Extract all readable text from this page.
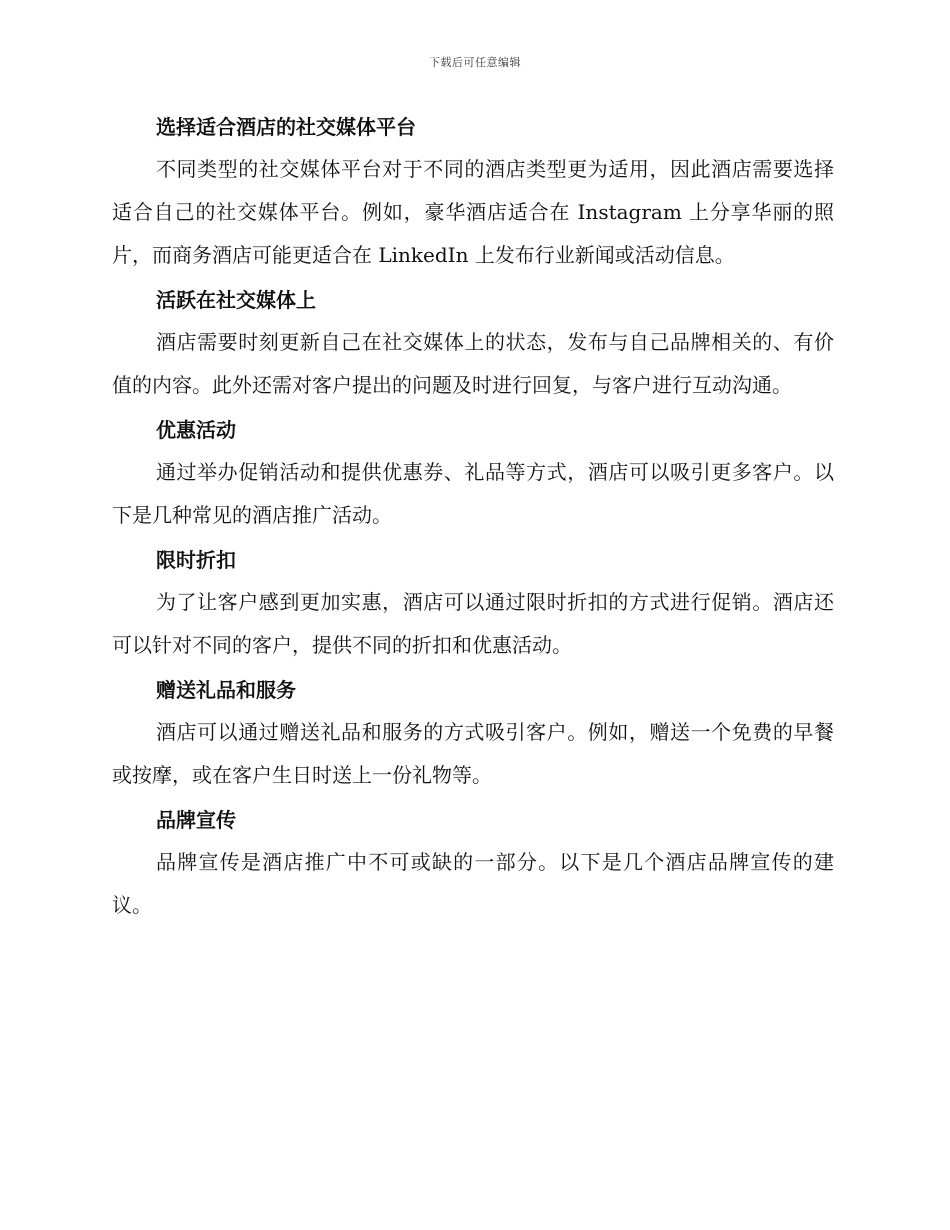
下载后可任意编辑
选择适合酒店的社交媒体平台

不同类型的社交媒体平台对于不同的酒店类型更为适用，因此酒店需要选择适合自己的社交媒体平台。例如，豪华酒店适合在 Instagram 上分享华丽的照片，而商务酒店可能更适合在 LinkedIn 上发布行业新闻或活动信息。

活跃在社交媒体上

酒店需要时刻更新自己在社交媒体上的状态，发布与自己品牌相关的、有价值的内容。此外还需对客户提出的问题及时进行回复，与客户进行互动沟通。

优惠活动

通过举办促销活动和提供优惠券、礼品等方式，酒店可以吸引更多客户。以下是几种常见的酒店推广活动。

限时折扣

为了让客户感到更加实惠，酒店可以通过限时折扣的方式进行促销。酒店还可以针对不同的客户，提供不同的折扣和优惠活动。

赠送礼品和服务

酒店可以通过赠送礼品和服务的方式吸引客户。例如，赠送一个免费的早餐或按摩，或在客户生日时送上一份礼物等。

品牌宣传

品牌宣传是酒店推广中不可或缺的一部分。以下是几个酒店品牌宣传的建议。
